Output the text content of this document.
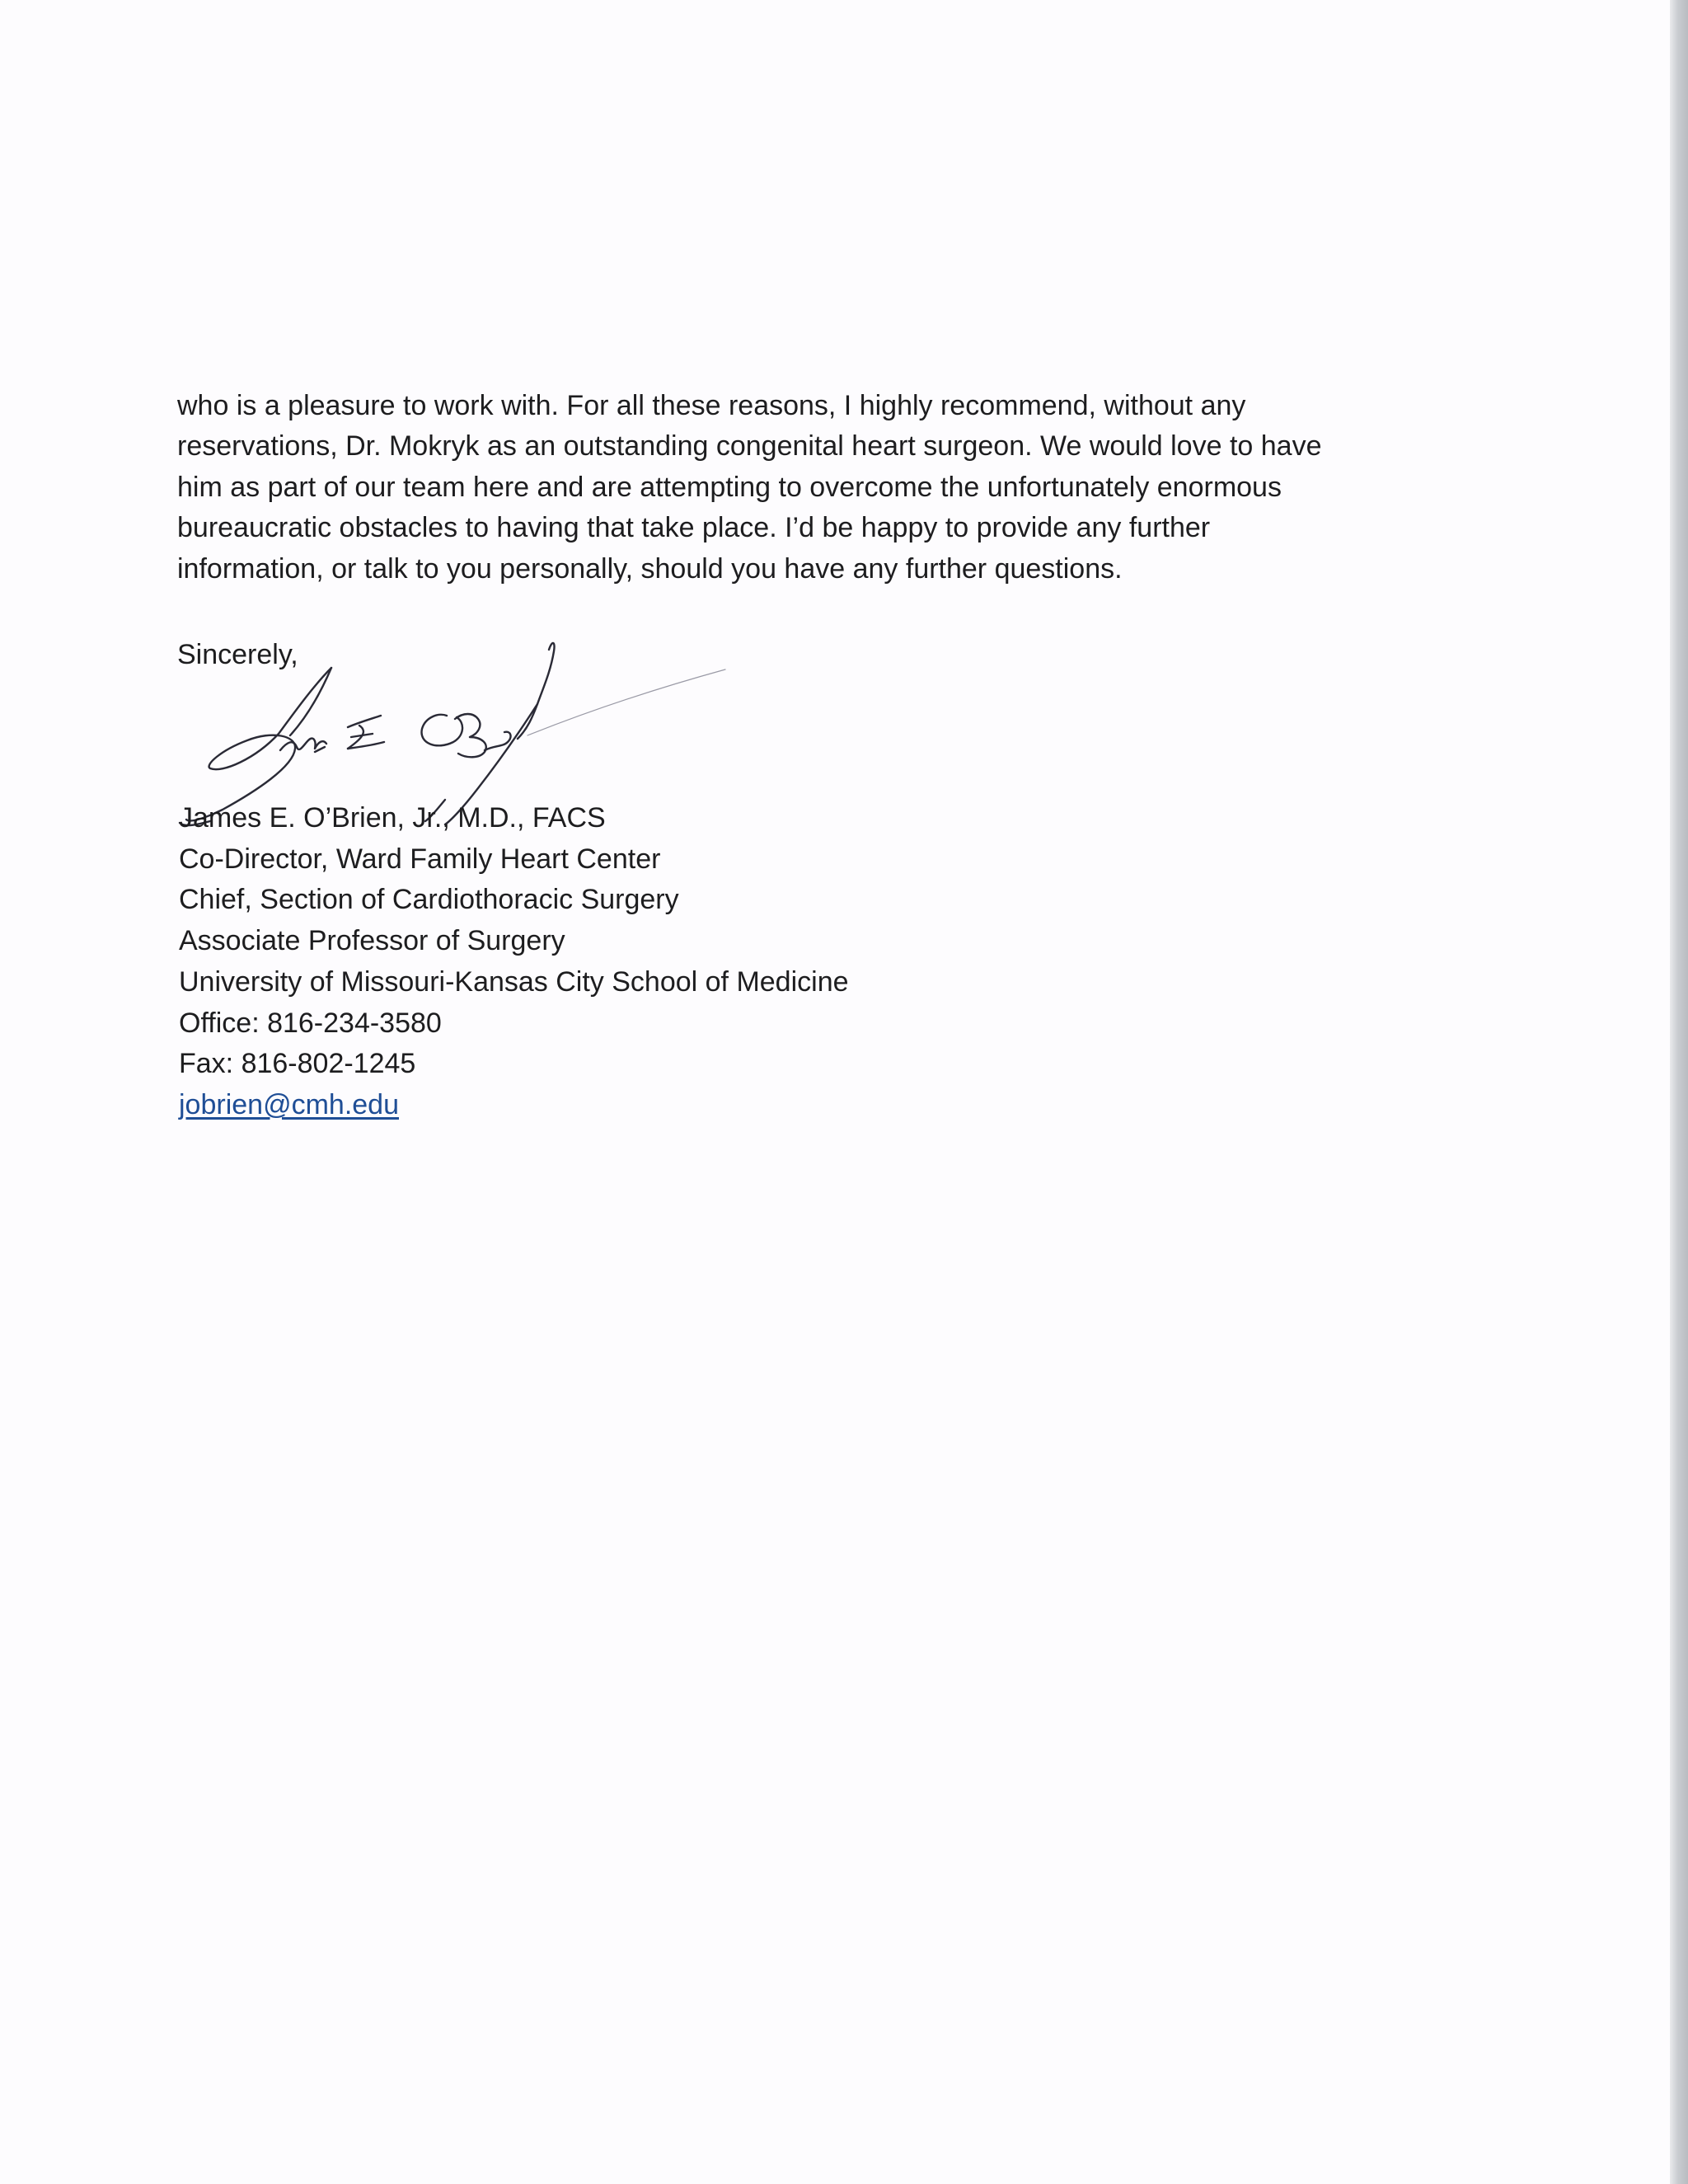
who is a pleasure to work with. For all these reasons, I highly recommend, without any
reservations, Dr. Mokryk as an outstanding congenital heart surgeon. We would love to have
him as part of our team here and are attempting to overcome the unfortunately enormous
bureaucratic obstacles to having that take place. I’d be happy to provide any further
information, or talk to you personally, should you have any further questions.

Sincerely,

James E. O’Brien, Jr., M.D., FACS
Co-Director, Ward Family Heart Center
Chief, Section of Cardiothoracic Surgery
Associate Professor of Surgery
University of Missouri-Kansas City School of Medicine
Office: 816-234-3580
Fax: 816-802-1245
jobrien@cmh.edu
